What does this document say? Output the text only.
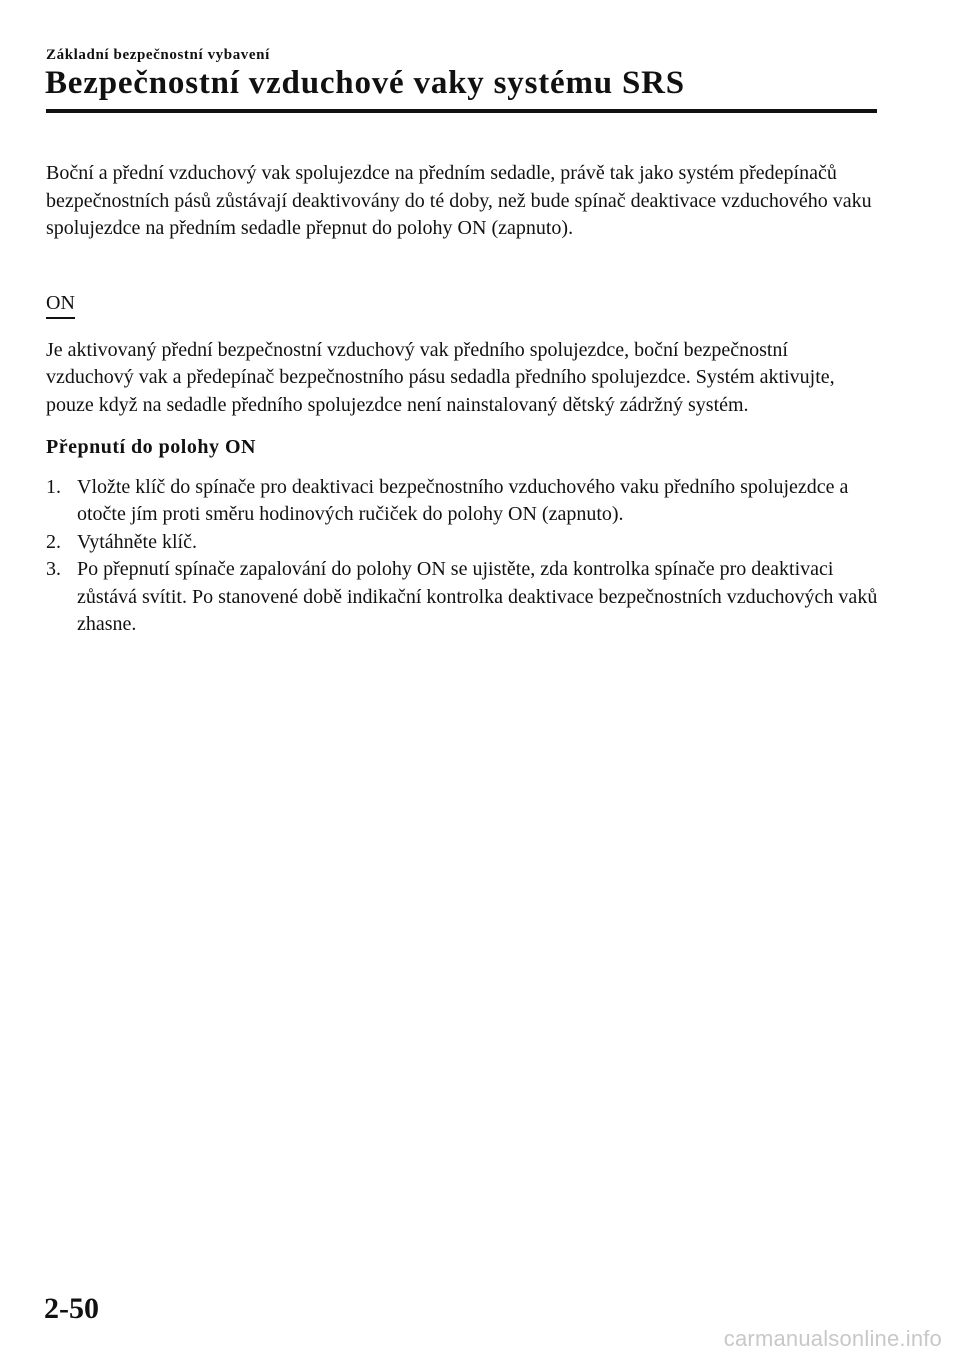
Základní bezpečnostní vybavení
Bezpečnostní vzduchové vaky systému SRS

Boční a přední vzduchový vak spolujezdce na předním sedadle, právě tak jako systém předepínačů bezpečnostních pásů zůstávají deaktivovány do té doby, než bude spínač deaktivace vzduchového vaku spolujezdce na předním sedadle přepnut do polohy ON (zapnuto).

ON

Je aktivovaný přední bezpečnostní vzduchový vak předního spolujezdce, boční bezpečnostní vzduchový vak a předepínač bezpečnostního pásu sedadla předního spolujezdce. Systém aktivujte, pouze když na sedadle předního spolujezdce není nainstalovaný dětský zádržný systém.

Přepnutí do polohy ON

1. Vložte klíč do spínače pro deaktivaci bezpečnostního vzduchového vaku předního spolujezdce a otočte jím proti směru hodinových ručiček do polohy ON (zapnuto).
2. Vytáhněte klíč.
3. Po přepnutí spínače zapalování do polohy ON se ujistěte, zda kontrolka spínače pro deaktivaci zůstává svítit. Po stanovené době indikační kontrolka deaktivace bezpečnostních vzduchových vaků zhasne.
2-50
carmanualsonline.info
